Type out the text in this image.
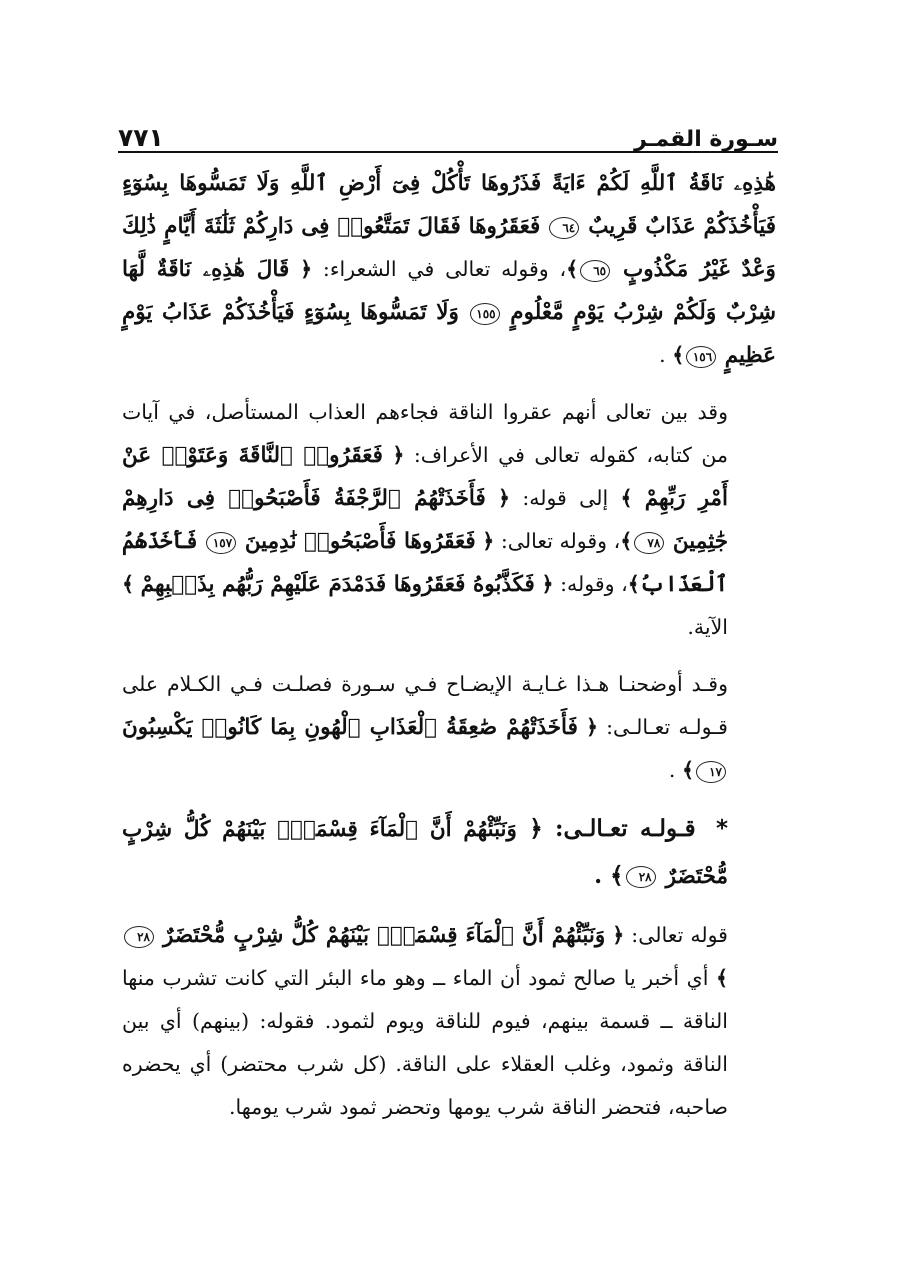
سـورة القمـر
٧٧١

هَٰذِهِۦ نَاقَةُ ٱللَّهِ لَكُمْ ءَايَةً فَذَرُوهَا تَأْكُلْ فِىٓ أَرْضِ ٱللَّهِ وَلَا تَمَسُّوهَا بِسُوٓءٍ فَيَأْخُذَكُمْ عَذَابٌ قَرِيبٌ ٦٤ فَعَقَرُوهَا فَقَالَ تَمَتَّعُوا۟ فِى دَارِكُمْ ثَلَٰثَةَ أَيَّامٍ ذَٰلِكَ وَعْدٌ غَيْرُ مَكْذُوبٍ ٦٥﴾، وقوله تعالى في الشعراء: ﴿ قَالَ هَٰذِهِۦ نَاقَةٌ لَّهَا شِرْبٌ وَلَكُمْ شِرْبُ يَوْمٍ مَّعْلُومٍ ١٥٥ وَلَا تَمَسُّوهَا بِسُوٓءٍ فَيَأْخُذَكُمْ عَذَابُ يَوْمٍ عَظِيمٍ ١٥٦﴾ .

وقد بين تعالى أنهم عقروا الناقة فجاءهم العذاب المستأصل، في آيات من كتابه، كقوله تعالى في الأعراف: ﴿ فَعَقَرُوا۟ ٱلنَّاقَةَ وَعَتَوْا۟ عَنْ أَمْرِ رَبِّهِمْ ﴾ إلى قوله: ﴿ فَأَخَذَتْهُمُ ٱلرَّجْفَةُ فَأَصْبَحُوا۟ فِى دَارِهِمْ جَٰثِمِينَ ٧٨﴾، وقوله تعالى: ﴿ فَعَقَرُوهَا فَأَصْبَحُوا۟ نَٰدِمِينَ ١٥٧ فَأَخَذَهُمُ ٱلْعَذَابُ﴾، وقوله: ﴿ فَكَذَّبُوهُ فَعَقَرُوهَا فَدَمْدَمَ عَلَيْهِمْ رَبُّهُم بِذَنۢبِهِمْ ﴾ الآية.

وقـد أوضحنـا هـذا غـايـة الإيضـاح فـي سـورة فصلـت فـي الكـلام على قـولـه تعـالـى: ﴿ فَأَخَذَتْهُمْ صَٰعِقَةُ ٱلْعَذَابِ ٱلْهُونِ بِمَا كَانُوا۟ يَكْسِبُونَ ١٧﴾ .

* قـولـه تعـالـى: ﴿ وَنَبِّئْهُمْ أَنَّ ٱلْمَآءَ قِسْمَةٌۢ بَيْنَهُمْ كُلُّ شِرْبٍ مُّحْتَضَرٌ ٢٨﴾ .

قوله تعالى: ﴿ وَنَبِّئْهُمْ أَنَّ ٱلْمَآءَ قِسْمَةٌۢ بَيْنَهُمْ كُلُّ شِرْبٍ مُّحْتَضَرٌ ٢٨﴾ أي أخبر يا صالح ثمود أن الماء ــ وهو ماء البئر التي كانت تشرب منها الناقة ــ قسمة بينهم، فيوم للناقة ويوم لثمود. فقوله: (بينهم) أي بين الناقة وثمود، وغلب العقلاء على الناقة. (كل شرب محتضر) أي يحضره صاحبه، فتحضر الناقة شرب يومها وتحضر ثمود شرب يومها.
